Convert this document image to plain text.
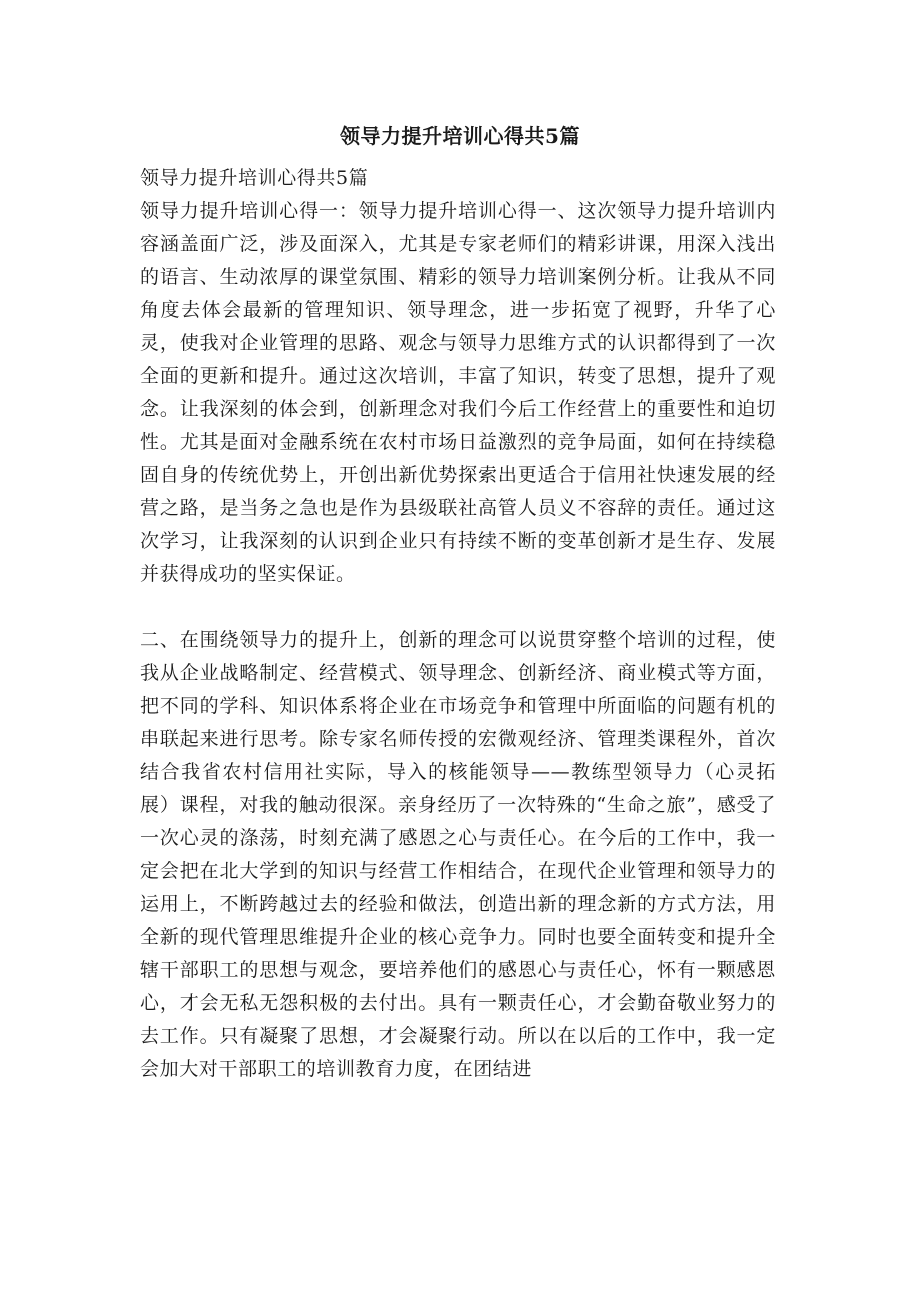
领导力提升培训心得共5篇

领导力提升培训心得共5篇

领导力提升培训心得一：领导力提升培训心得一、这次领导力提升培训内容涵盖面广泛，涉及面深入，尤其是专家老师们的精彩讲课，用深入浅出的语言、生动浓厚的课堂氛围、精彩的领导力培训案例分析。让我从不同角度去体会最新的管理知识、领导理念，进一步拓宽了视野，升华了心灵，使我对企业管理的思路、观念与领导力思维方式的认识都得到了一次全面的更新和提升。通过这次培训，丰富了知识，转变了思想，提升了观念。让我深刻的体会到，创新理念对我们今后工作经营上的重要性和迫切性。尤其是面对金融系统在农村市场日益激烈的竞争局面，如何在持续稳固自身的传统优势上，开创出新优势探索出更适合于信用社快速发展的经营之路，是当务之急也是作为县级联社高管人员义不容辞的责任。通过这次学习，让我深刻的认识到企业只有持续不断的变革创新才是生存、发展并获得成功的坚实保证。

二、在围绕领导力的提升上，创新的理念可以说贯穿整个培训的过程，使我从企业战略制定、经营模式、领导理念、创新经济、商业模式等方面，把不同的学科、知识体系将企业在市场竞争和管理中所面临的问题有机的串联起来进行思考。除专家名师传授的宏微观经济、管理类课程外，首次结合我省农村信用社实际，导入的核能领导——教练型领导力（心灵拓展）课程，对我的触动很深。亲身经历了一次特殊的“生命之旅”，感受了一次心灵的涤荡，时刻充满了感恩之心与责任心。在今后的工作中，我一定会把在北大学到的知识与经营工作相结合，在现代企业管理和领导力的运用上，不断跨越过去的经验和做法，创造出新的理念新的方式方法，用全新的现代管理思维提升企业的核心竞争力。同时也要全面转变和提升全辖干部职工的思想与观念，要培养他们的感恩心与责任心，怀有一颗感恩心，才会无私无怨积极的去付出。具有一颗责任心，才会勤奋敬业努力的去工作。只有凝聚了思想，才会凝聚行动。所以在以后的工作中，我一定会加大对干部职工的培训教育力度，在团结进
